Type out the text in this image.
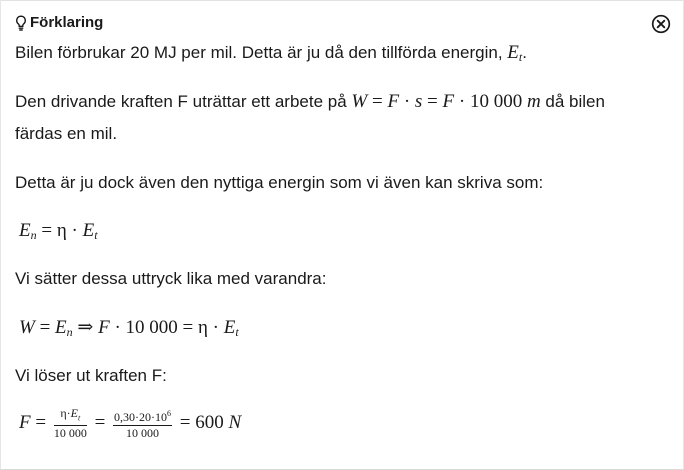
Förklaring
Bilen förbrukar 20 MJ per mil. Detta är ju då den tillförda energin, $E_t$.
Den drivande kraften F uträttar ett arbete på W = F · s = F · 10 000 m då bilen
färdas en mil.
Detta är ju dock även den nyttiga energin som vi även kan skriva som:
$E_n = \eta \cdot E_t$
Vi sätter dessa uttryck lika med varandra:
$W = E_n$ ⇒ F · 10 $000 = \eta \cdot E_t$
Vi löser ut kraften F:
$F = \frac{\eta\cdot E_t}{10 000} = \frac{0,30\cdot 20\cdot 10^6}{10 000} = 600$ N
